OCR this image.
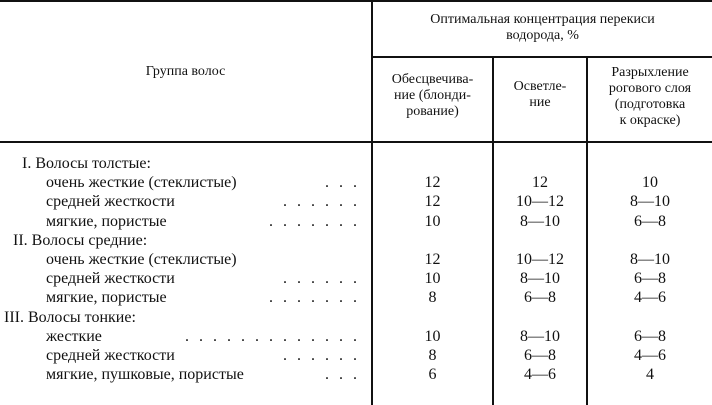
Группа волос
Оптимальная концентрация перекиси
водорода, %
Обесцвечива-
ние (блонди-
рование)
Осветле-
ние
Разрыхление
рогового слоя
(подготовка
к окраске)
I. Волосы толстые:
очень жесткие (стеклистые)	. . .	12	12	10
средней жесткости	. . . . . .	12	10—12	8—10
мягкие, пористые	. . . . . . .	10	8—10	6—8
II. Волосы средние:
очень жесткие (стеклистые)	12	10—12	8—10
средней жесткости	. . . . . .	10	8—10	6—8
мягкие, пористые	. . . . . . .	8	6—8	4—6
III. Волосы тонкие:
жесткие	. . . . . . . . . . . . .	10	8—10	6—8
средней жесткости	. . . . . .	8	6—8	4—6
мягкие, пушковые, пористые	. . .	6	4—6	4
